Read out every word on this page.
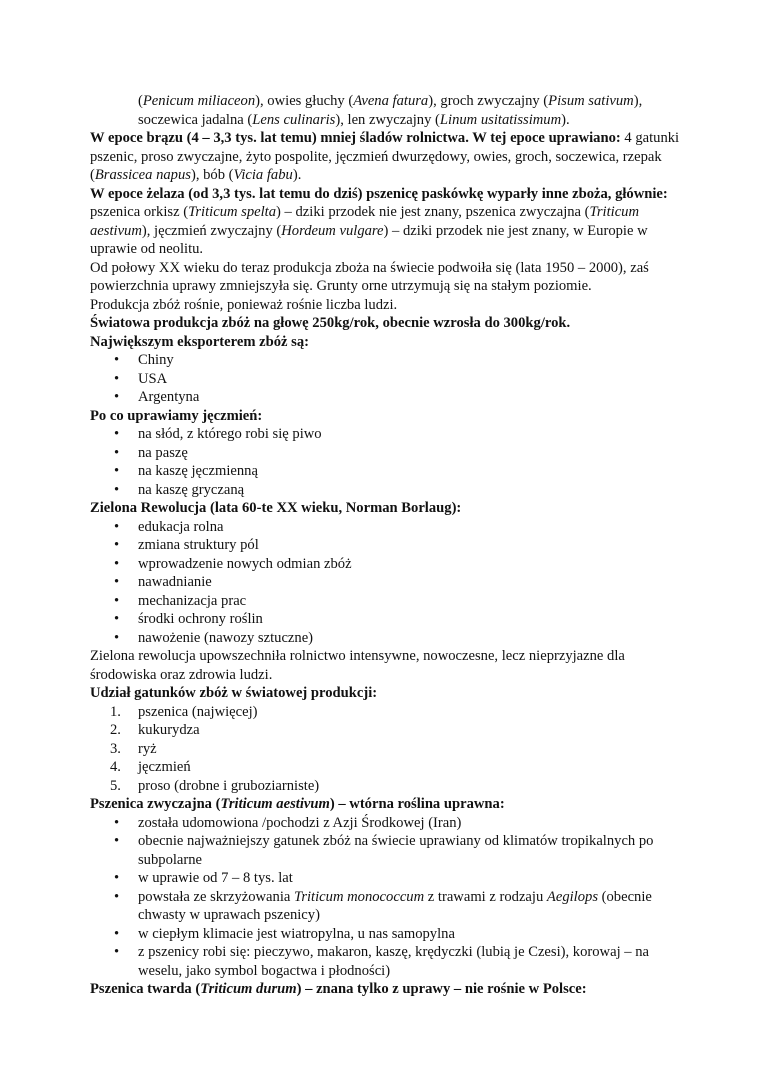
(Penicum miliaceon), owies głuchy (Avena fatura), groch zwyczajny (Pisum sativum),

soczewica jadalna (Lens culinaris), len zwyczajny (Linum usitatissimum).

W epoce brązu (4 – 3,3 tys. lat temu) mniej śladów rolnictwa. W tej epoce uprawiano: 4 gatunki pszenic, proso zwyczajne, żyto pospolite, jęczmień dwurzędowy, owies, groch, soczewica, rzepak (Brassicea napus), bób (Vicia fabu).

W epoce żelaza (od 3,3 tys. lat temu do dziś) pszenicę paskówkę wyparły inne zboża, głównie: pszenica orkisz (Triticum spelta) – dziki przodek nie jest znany, pszenica zwyczajna (Triticum aestivum), jęczmień zwyczajny (Hordeum vulgare) – dziki przodek nie jest znany, w Europie w uprawie od neolitu.

Od połowy XX wieku do teraz produkcja zboża na świecie podwoiła się (lata 1950 – 2000), zaś powierzchnia uprawy zmniejszyła się. Grunty orne utrzymują się na stałym poziomie.

Produkcja zbóż rośnie, ponieważ rośnie liczba ludzi.

Światowa produkcja zbóż na głowę 250kg/rok, obecnie wzrosła do 300kg/rok.

Największym eksporterem zbóż są:

• Chiny
• USA
• Argentyna

Po co uprawiamy jęczmień:

• na słód, z którego robi się piwo
• na paszę
• na kaszę jęczmienną
• na kaszę gryczaną

Zielona Rewolucja (lata 60-te XX wieku, Norman Borlaug):

• edukacja rolna
• zmiana struktury pól
• wprowadzenie nowych odmian zbóż
• nawadnianie
• mechanizacja prac
• środki ochrony roślin
• nawożenie (nawozy sztuczne)

Zielona rewolucja upowszechniła rolnictwo intensywne, nowoczesne, lecz nieprzyjazne dla środowiska oraz zdrowia ludzi.

Udział gatunków zbóż w światowej produkcji:

1. pszenica (najwięcej)
2. kukurydza
3. ryż
4. jęczmień
5. proso (drobne i gruboziarniste)

Pszenica zwyczajna (Triticum aestivum) – wtórna roślina uprawna:

• została udomowiona /pochodzi z Azji Środkowej (Iran)
• obecnie najważniejszy gatunek zbóż na świecie uprawiany od klimatów tropikalnych po subpolarne
• w uprawie od 7 – 8 tys. lat
• powstała ze skrzyżowania Triticum monococcum z trawami z rodzaju Aegilops (obecnie chwasty w uprawach pszenicy)
• w ciepłym klimacie jest wiatropylna, u nas samopylna
• z pszenicy robi się: pieczywo, makaron, kaszę, krędyczki (lubią je Czesi), korowaj – na weselu, jako symbol bogactwa i płodności)

Pszenica twarda (Triticum durum) – znana tylko z uprawy – nie rośnie w Polsce:
